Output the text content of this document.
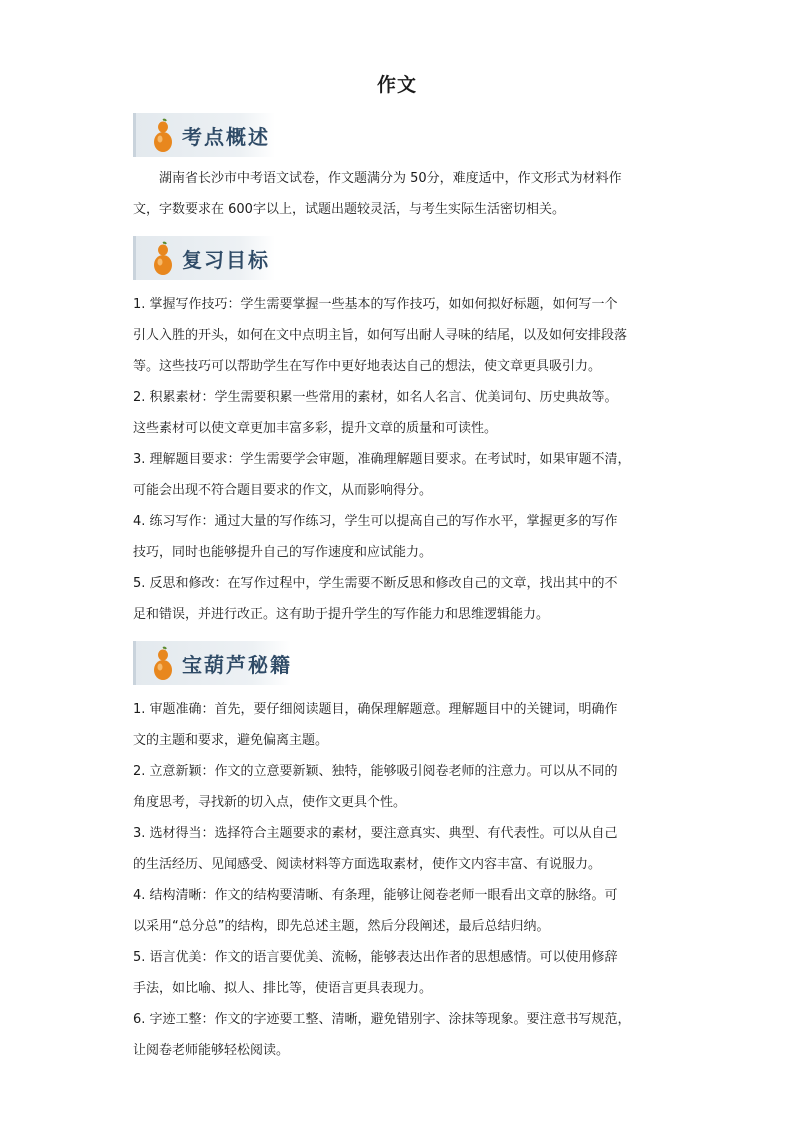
作文
考点概述
湖南省长沙市中考语文试卷，作文题满分为 50分，难度适中，作文形式为材料作
文，字数要求在 600字以上，试题出题较灵活，与考生实际生活密切相关。
复习目标
1. 掌握写作技巧：学生需要掌握一些基本的写作技巧，如如何拟好标题，如何写一个
引人入胜的开头，如何在文中点明主旨，如何写出耐人寻味的结尾，以及如何安排段落
等。这些技巧可以帮助学生在写作中更好地表达自己的想法，使文章更具吸引力。
2. 积累素材：学生需要积累一些常用的素材，如名人名言、优美词句、历史典故等。
这些素材可以使文章更加丰富多彩，提升文章的质量和可读性。
3. 理解题目要求：学生需要学会审题，准确理解题目要求。在考试时，如果审题不清，
可能会出现不符合题目要求的作文，从而影响得分。
4. 练习写作：通过大量的写作练习，学生可以提高自己的写作水平，掌握更多的写作
技巧，同时也能够提升自己的写作速度和应试能力。
5. 反思和修改：在写作过程中，学生需要不断反思和修改自己的文章，找出其中的不
足和错误，并进行改正。这有助于提升学生的写作能力和思维逻辑能力。
宝葫芦秘籍
1. 审题准确：首先，要仔细阅读题目，确保理解题意。理解题目中的关键词，明确作
文的主题和要求，避免偏离主题。
2. 立意新颖：作文的立意要新颖、独特，能够吸引阅卷老师的注意力。可以从不同的
角度思考，寻找新的切入点，使作文更具个性。
3. 选材得当：选择符合主题要求的素材，要注意真实、典型、有代表性。可以从自己
的生活经历、见闻感受、阅读材料等方面选取素材，使作文内容丰富、有说服力。
4. 结构清晰：作文的结构要清晰、有条理，能够让阅卷老师一眼看出文章的脉络。可
以采用“总分总”的结构，即先总述主题，然后分段阐述，最后总结归纳。
5. 语言优美：作文的语言要优美、流畅，能够表达出作者的思想感情。可以使用修辞
手法，如比喻、拟人、排比等，使语言更具表现力。
6. 字迹工整：作文的字迹要工整、清晰，避免错别字、涂抹等现象。要注意书写规范，
让阅卷老师能够轻松阅读。
